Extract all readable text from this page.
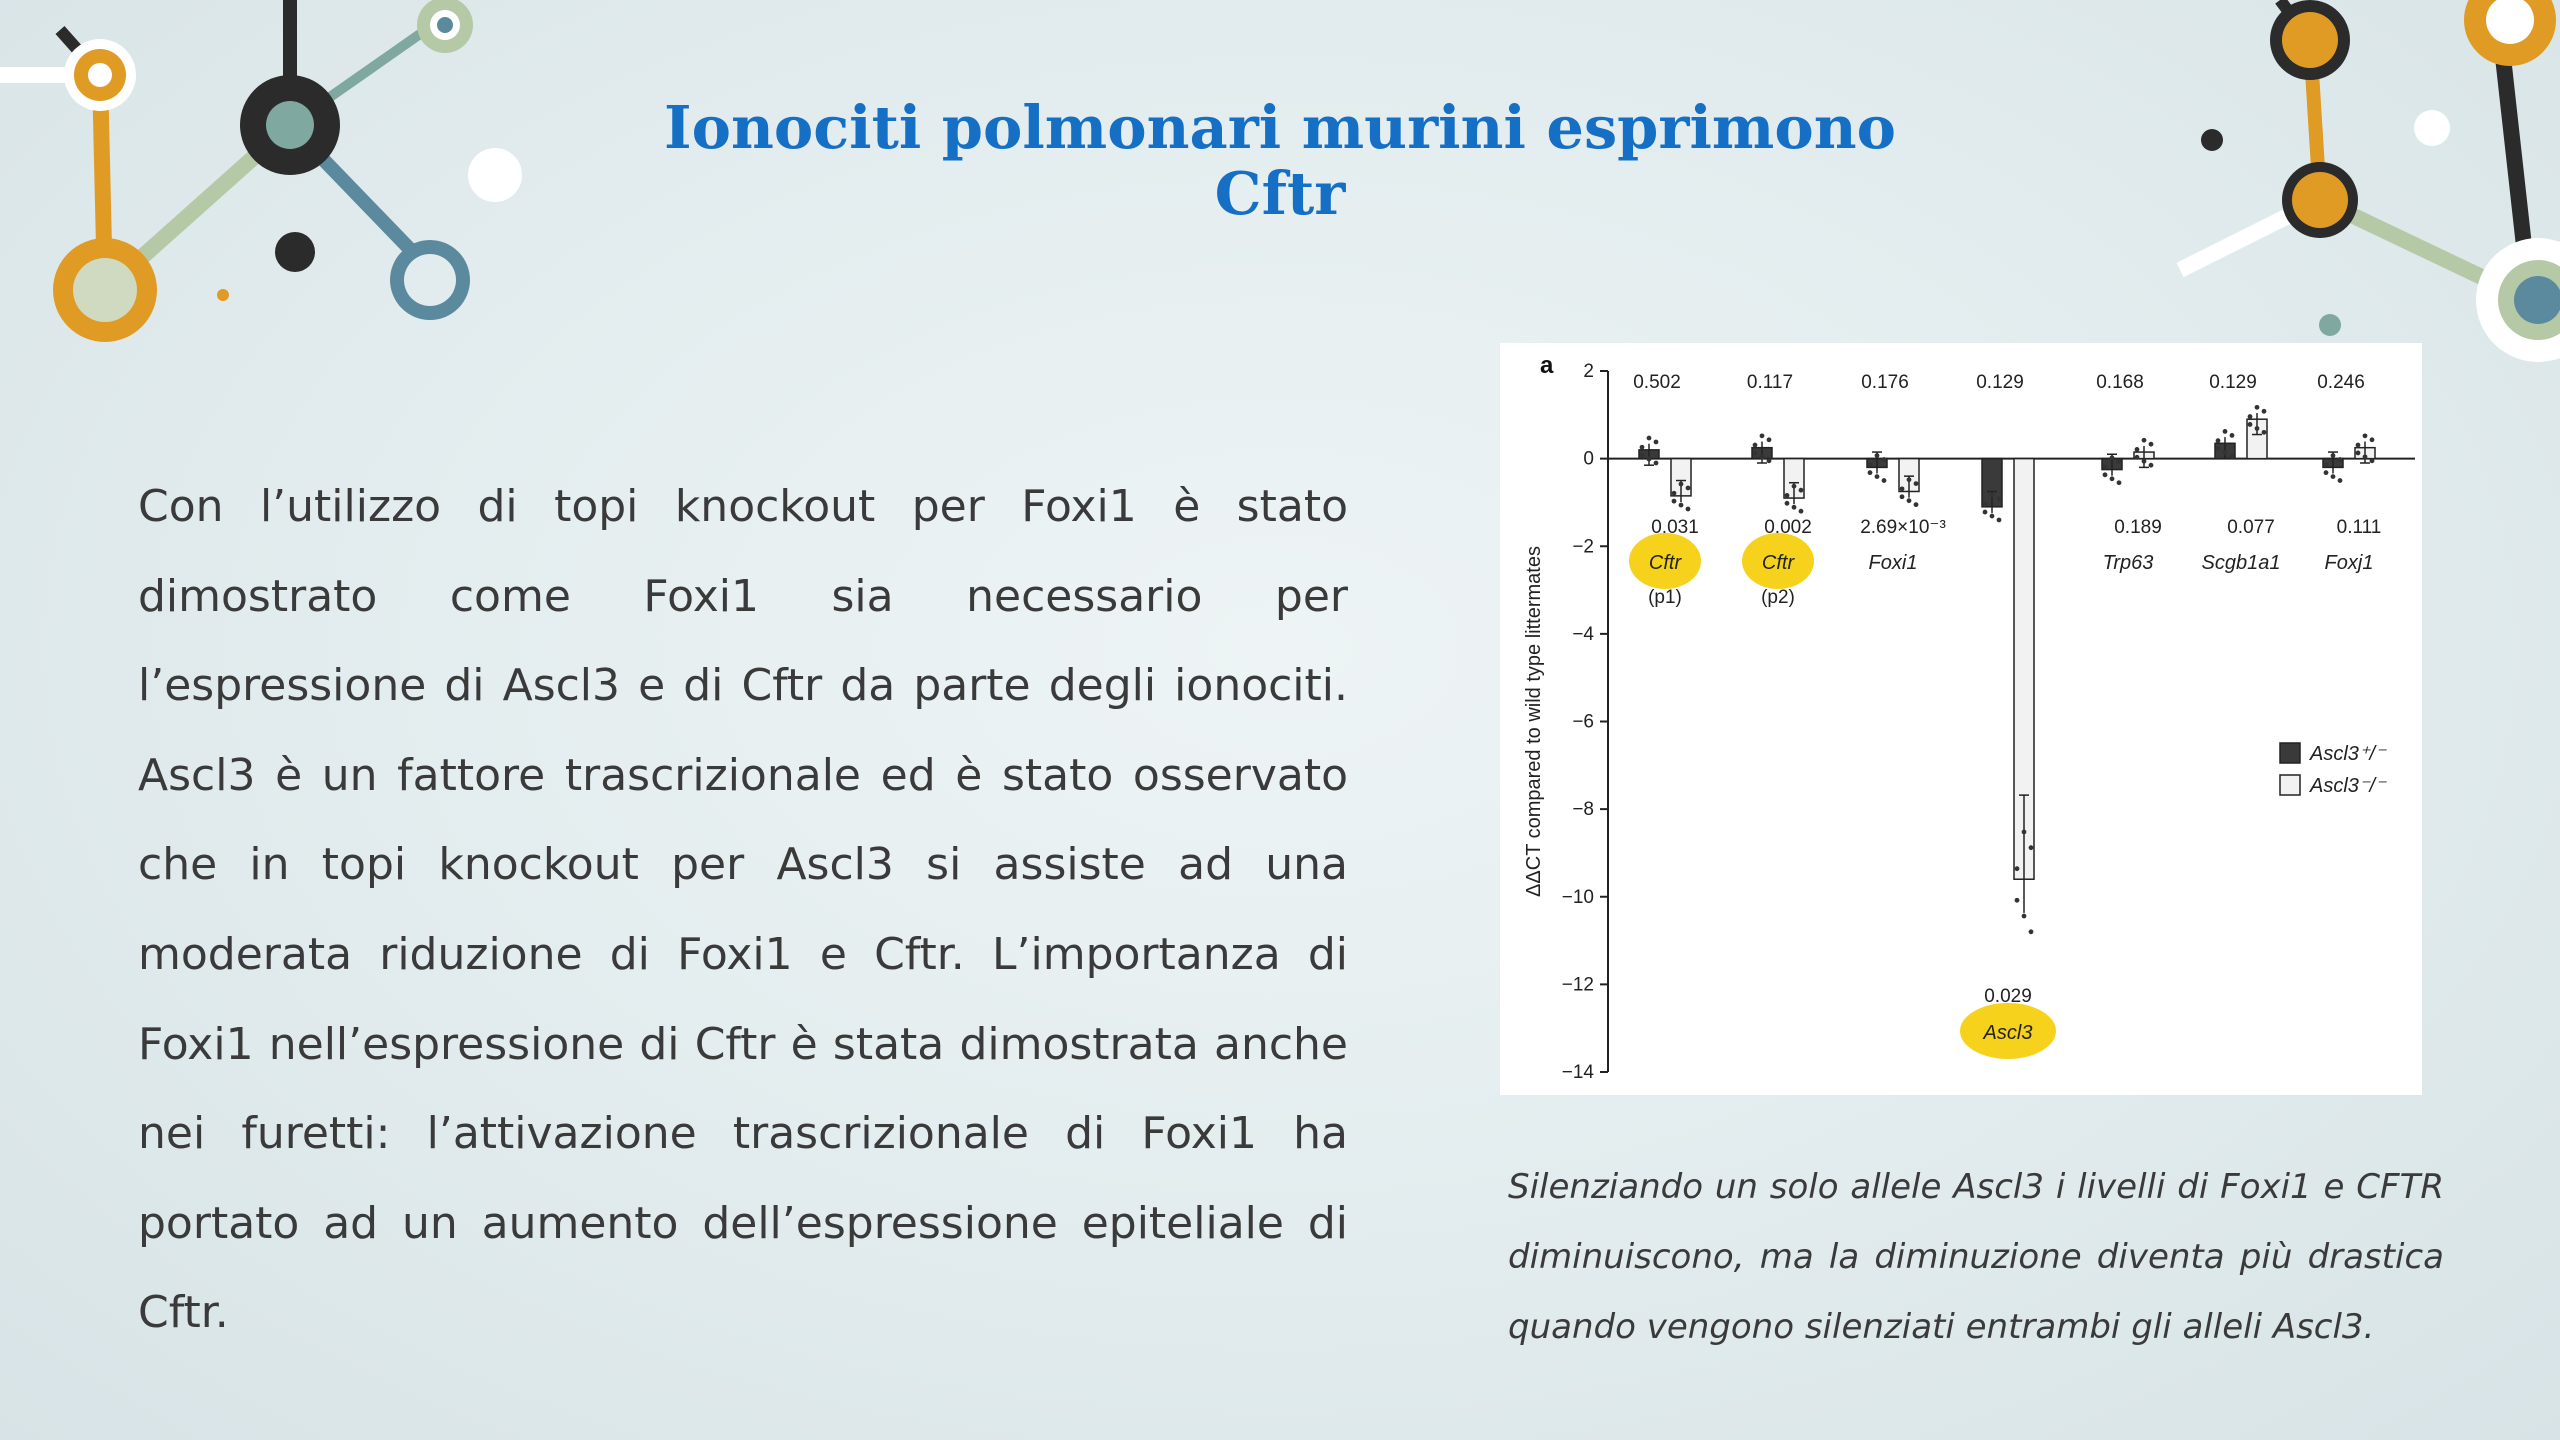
Ionociti polmonari murini esprimono
Cftr

Con l’utilizzo di topi knockout per Foxi1 è stato dimostrato come Foxi1 sia necessario per l’espressione di Ascl3 e di Cftr da parte degli ionociti. Ascl3 è un fattore trascrizionale ed è stato osservato che in topi knockout per Ascl3 si assiste ad una moderata riduzione di Foxi1 e Cftr. L’importanza di Foxi1 nell’espressione di Cftr è stata dimostrata anche nei furetti: l’attivazione trascrizionale di Foxi1 ha portato ad un aumento dell’espressione epiteliale di Cftr.

a
ΔΔCT compared to wild type littermates
2
0
−2
−4
−6
−8
−10
−12
−14
0.502
0.031
Cftr
(p1)
0.117
0.002
Cftr
(p2)
0.176
2.69×10⁻³
Foxi1
0.129
0.029
Ascl3
0.168
0.189
Trp63
0.129
0.077
Scgb1a1
0.246
0.111
Foxj1
Ascl3⁺/⁻
Ascl3⁻/⁻

Silenziando un solo allele Ascl3 i livelli di Foxi1 e CFTR diminuiscono, ma la diminuzione diventa più drastica quando vengono silenziati entrambi gli alleli Ascl3.
